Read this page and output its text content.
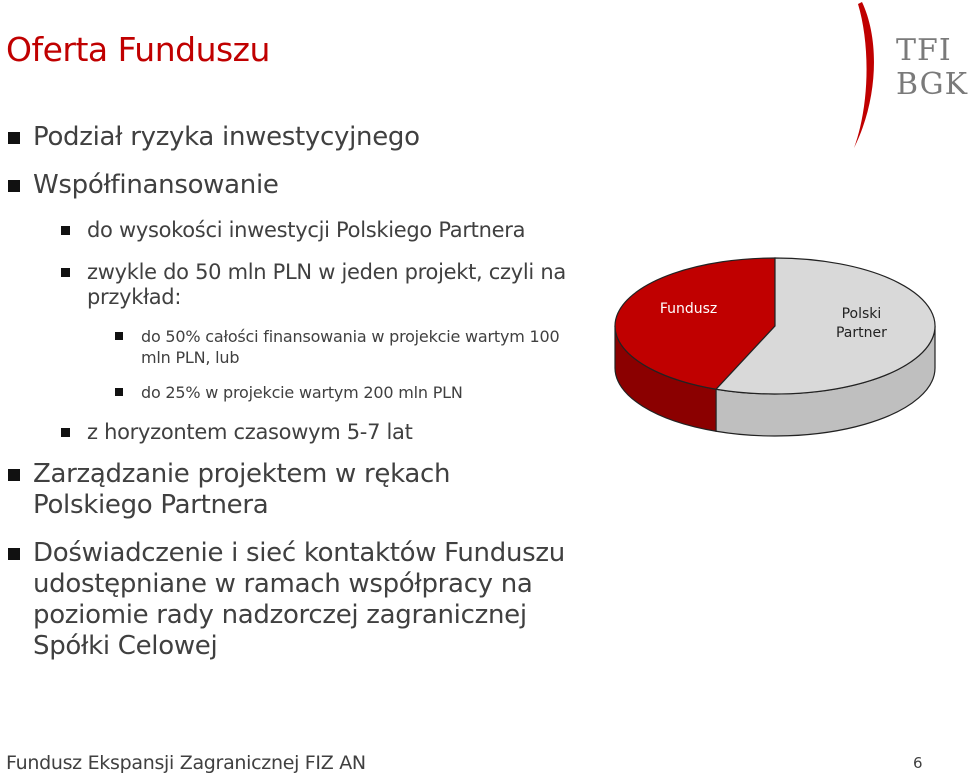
Oferta Funduszu	TFI
BGK

Podział ryzyka inwestycyjnego

Współfinansowanie

do wysokości inwestycji Polskiego Partnera

zwykle do 50 mln PLN w jeden projekt, czyli na przykład:

do 50% całości finansowania w projekcie wartym 100 mln PLN, lub

do 25% w projekcie wartym 200 mln PLN

z horyzontem czasowym 5-7 lat

Zarządzanie projektem w rękach Polskiego Partnera

Doświadczenie i sieć kontaktów Funduszu udostępniane w ramach współpracy na poziomie rady nadzorczej zagranicznej Spółki Celowej

Fundusz	Polski Partner
Fundusz Ekspansji Zagranicznej FIZ AN	6
